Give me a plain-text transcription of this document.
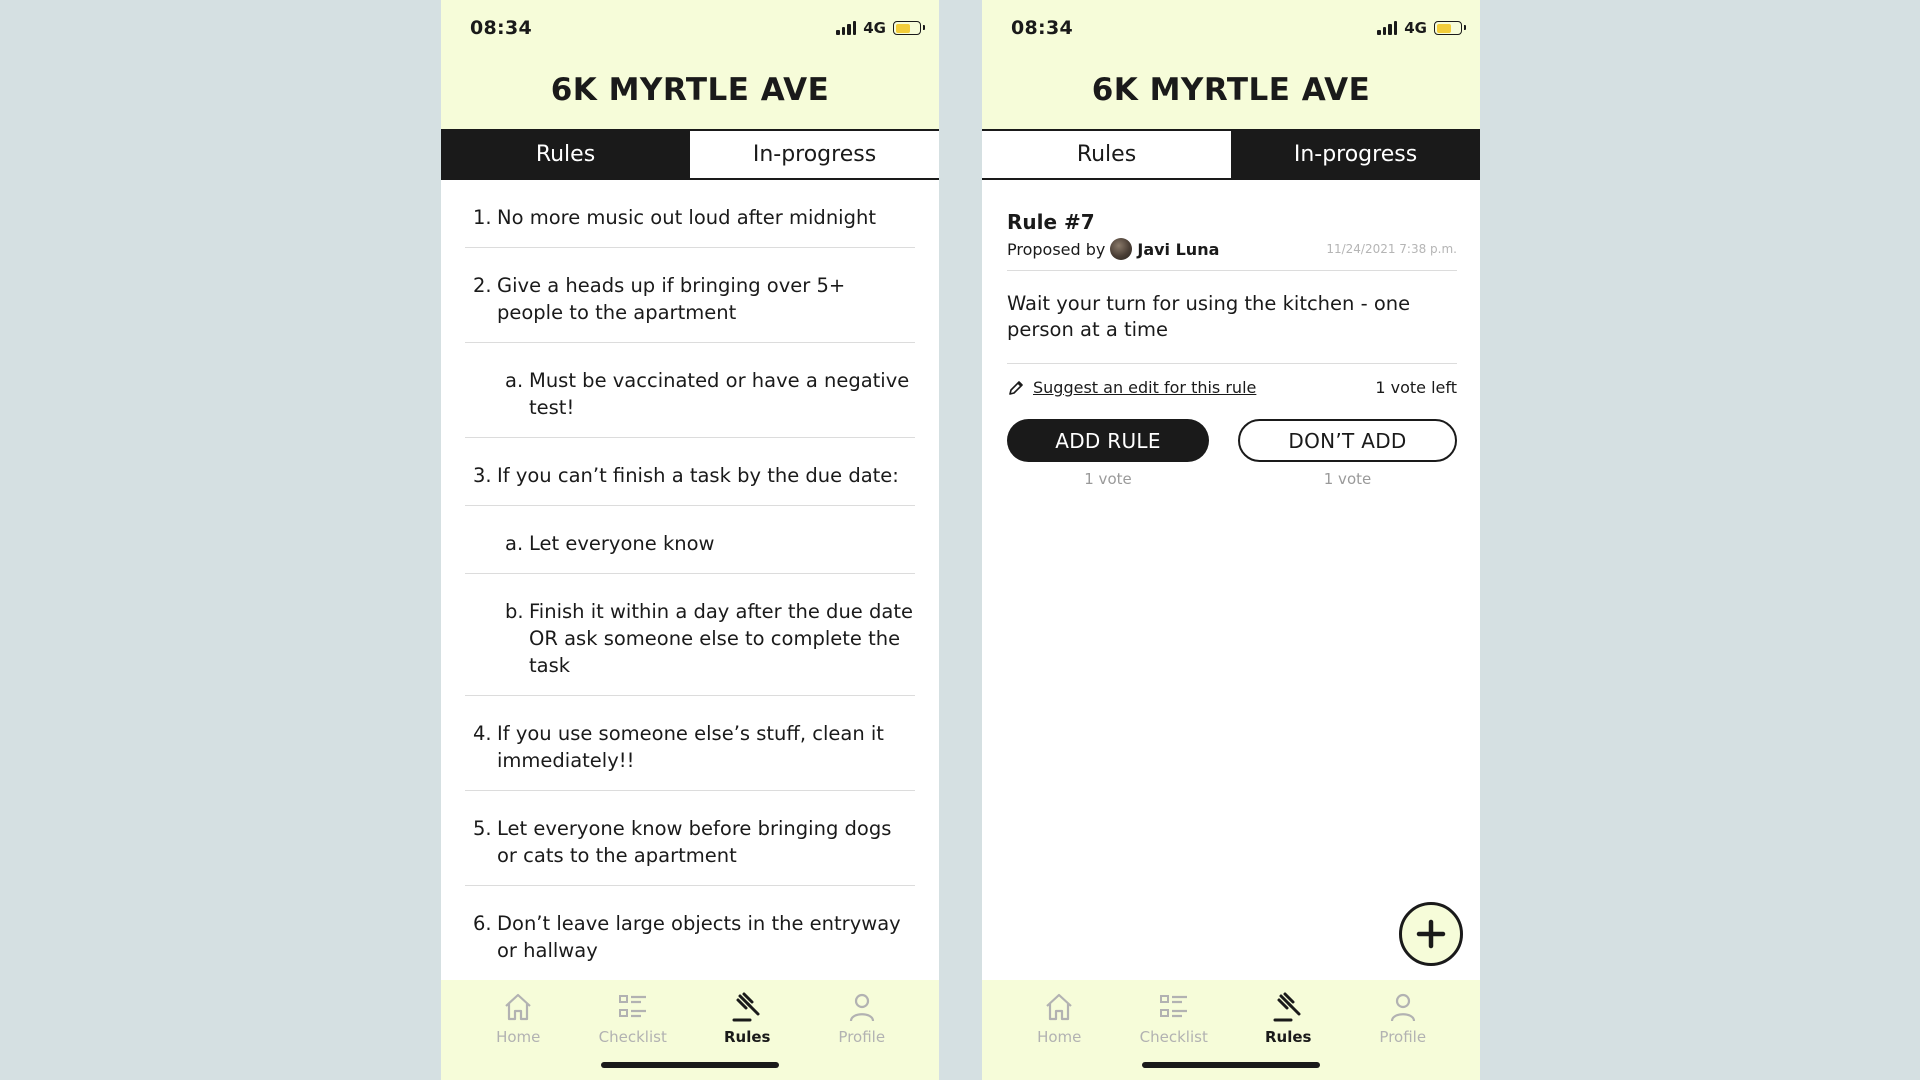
08:34	4G
6K MYRTLE AVE
Rules	In-progress
1. No more music out loud after midnight
2. Give a heads up if bringing over 5+ people to the apartment
a. Must be vaccinated or have a negative test!
3. If you can’t finish a task by the due date:
a. Let everyone know
b. Finish it within a day after the due date OR ask someone else to complete the task
4. If you use someone else’s stuff, clean it immediately!!
5. Let everyone know before bringing dogs or cats to the apartment
6. Don’t leave large objects in the entryway or hallway
Home	Checklist	Rules	Profile
08:34	4G
6K MYRTLE AVE
Rules	In-progress
Rule #7
Proposed by Javi Luna	11/24/2021 7:38 p.m.
Wait your turn for using the kitchen - one person at a time
Suggest an edit for this rule	1 vote left
ADD RULE
1 vote
DON’T ADD
1 vote
Home	Checklist	Rules	Profile
